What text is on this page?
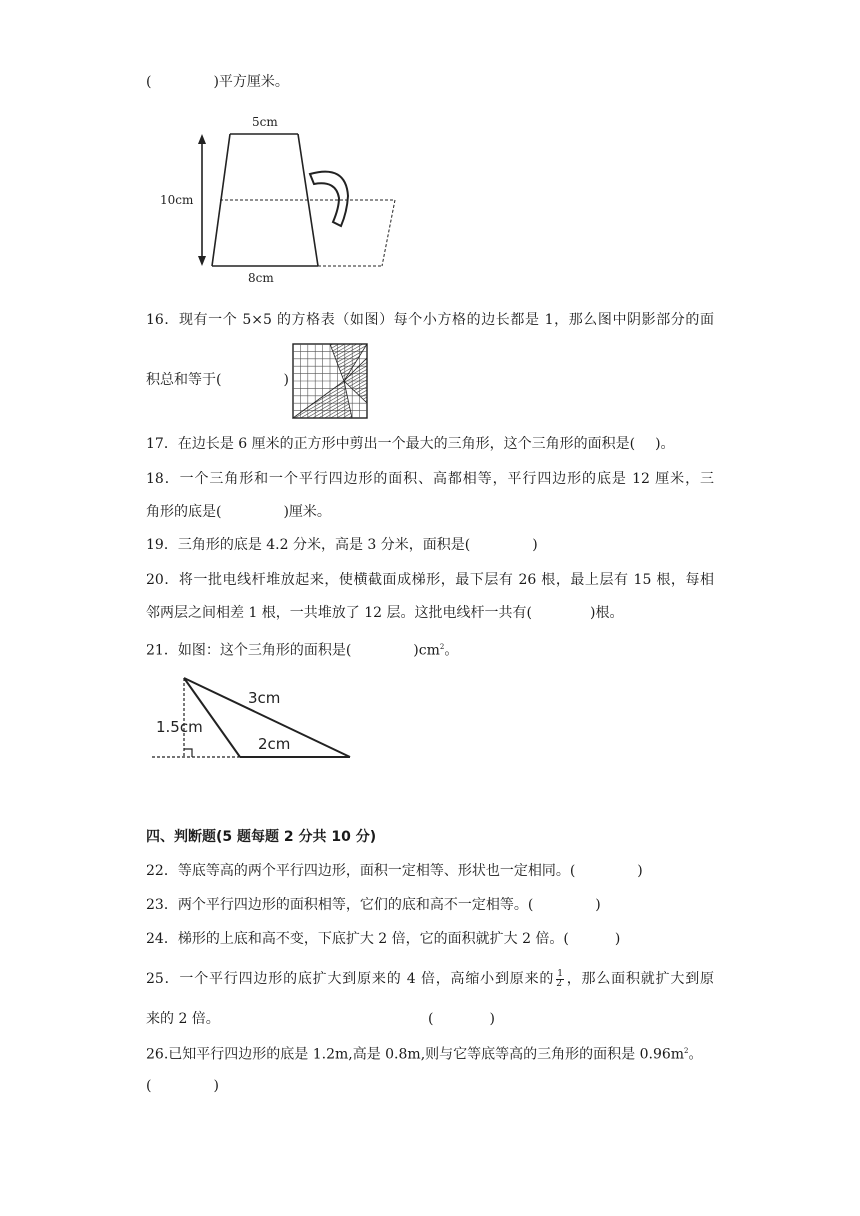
(	)平方厘米。
5cm
10cm
8cm
16．现有一个 5×5 的方格表（如图）每个小方格的边长都是 1，那么图中阴影部分的面
积总和等于(	)
17．在边长是 6 厘米的正方形中剪出一个最大的三角形，这个三角形的面积是( )。
18．一个三角形和一个平行四边形的面积、高都相等，平行四边形的底是 12 厘米，三
角形的底是(	)厘米。
19．三角形的底是 4.2 分米，高是 3 分米，面积是(	)
20．将一批电线杆堆放起来，使横截面成梯形，最下层有 26 根，最上层有 15 根，每相
邻两层之间相差 1 根，一共堆放了 12 层。这批电线杆一共有(	)根。
21．如图：这个三角形的面积是(	)$cm^2$。
3cm
1.5cm
2cm
四、判断题(5 题每题 2 分共 10 分)
22．等底等高的两个平行四边形，面积一定相等、形状也一定相同。(	)
23．两个平行四边形的面积相等，它们的底和高不一定相等。(	)
24．梯形的上底和高不变，下底扩大 2 倍，它的面积就扩大 2 倍。(	)
25．一个平行四边形的底扩大到原来的 4 倍，高缩小到原来的 $\frac{1}{2}$ ，那么面积就扩大到原
来的 2 倍。	(	)
26.已知平行四边形的底是 1.2m,高是 0.8m,则与它等底等高的三角形的面积是 $0.96m^2$。
(	)
